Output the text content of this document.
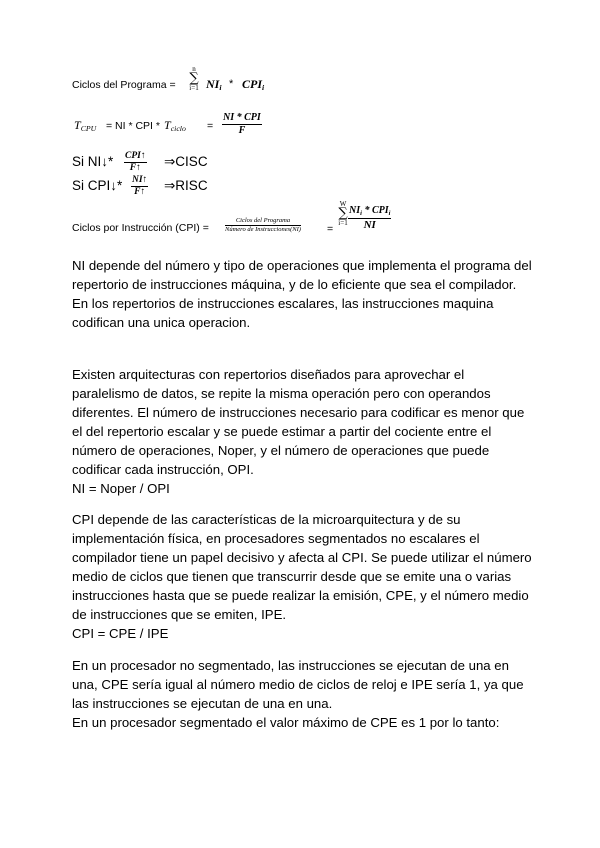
Ciclos del Programa =
n
∑
i=1 $NI_i * CPI_i$
$T_{CPU}$ = NI * CPI * $T_{ciclo}$ =
NI * CPI
F
Si NI↓* CPI↑
F↑	⇒CISC
Si CPI↓* $\frac{NI↑}{F↑}$ ⇒RISC
Ciclos por Instrucción (CPI) =
Ciclos del Programa
Número de Instrucciones(NI) =
W
∑
i=1
$NI_i * CPI_i$
NI

NI depende del número y tipo de operaciones que implementa el programa del repertorio de instrucciones máquina, y de lo eficiente que sea el compilador.

En los repertorios de instrucciones escalares, las instrucciones maquina codifican una unica operacion.

Existen arquitecturas con repertorios diseñados para aprovechar el paralelismo de datos, se repite la misma operación pero con operandos diferentes. El número de instrucciones necesario para codificar es menor que el del repertorio escalar y se puede estimar a partir del cociente entre el número de operaciones, Noper, y el número de operaciones que puede codificar cada instrucción, OPI.

NI = Noper / OPI

CPI depende de las características de la microarquitectura y de su implementación física, en procesadores segmentados no escalares el compilador tiene un papel decisivo y afecta al CPI. Se puede utilizar el número medio de ciclos que tienen que transcurrir desde que se emite una o varias instrucciones hasta que se puede realizar la emisión, CPE, y el número medio de instrucciones que se emiten, IPE.

CPI = CPE / IPE

En un procesador no segmentado, las instrucciones se ejecutan de una en una, CPE sería igual al número medio de ciclos de reloj e IPE sería 1, ya que las instrucciones se ejecutan de una en una.

En un procesador segmentado el valor máximo de CPE es 1 por lo tanto:
